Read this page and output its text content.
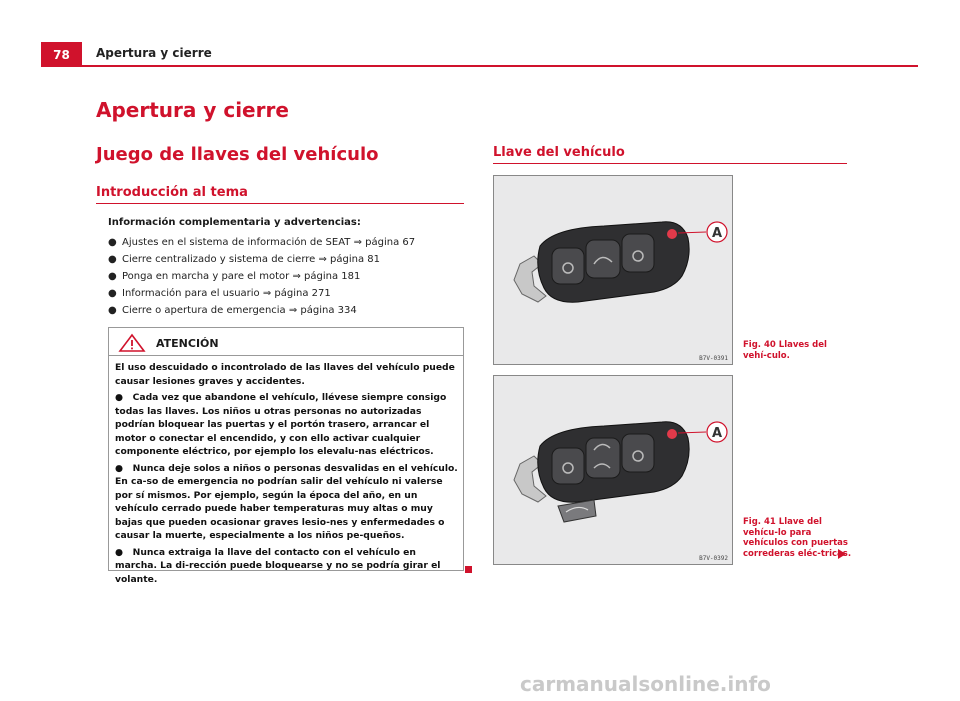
78	Apertura y cierre
Apertura y cierre
Juego de llaves del vehículo
Introducción al tema
Información complementaria y advertencias:
● Ajustes en el sistema de información de SEAT ⇒ página 67
● Cierre centralizado y sistema de cierre ⇒ página 81
● Ponga en marcha y pare el motor ⇒ página 181
● Información para el usuario ⇒ página 271
● Cierre o apertura de emergencia ⇒ página 334
ATENCIÓN

El uso descuidado o incontrolado de las llaves del vehículo puede causar lesiones graves y accidentes.

●   Cada vez que abandone el vehículo, llévese siempre consigo todas las llaves. Los niños u otras personas no autorizadas podrían bloquear las puertas y el portón trasero, arrancar el motor o conectar el encendido, y con ello activar cualquier componente eléctrico, por ejemplo los elevalu-nas eléctricos.

●   Nunca deje solos a niños o personas desvalidas en el vehículo. En ca-so de emergencia no podrían salir del vehículo ni valerse por sí mismos. Por ejemplo, según la época del año, en un vehículo cerrado puede haber temperaturas muy altas o muy bajas que pueden ocasionar graves lesio-nes y enfermedades o causar la muerte, especialmente a los niños pe-queños.

●   Nunca extraiga la llave del contacto con el vehículo en marcha. La di-rección puede bloquearse y no se podría girar el volante.

Llave del vehículo
A
B7V-0391
Fig. 40 Llaves del vehí-culo.
A
B7V-0392
Fig. 41 Llave del vehícu-lo para vehículos con puertas correderas eléc-tricas.
carmanualsonline.info
